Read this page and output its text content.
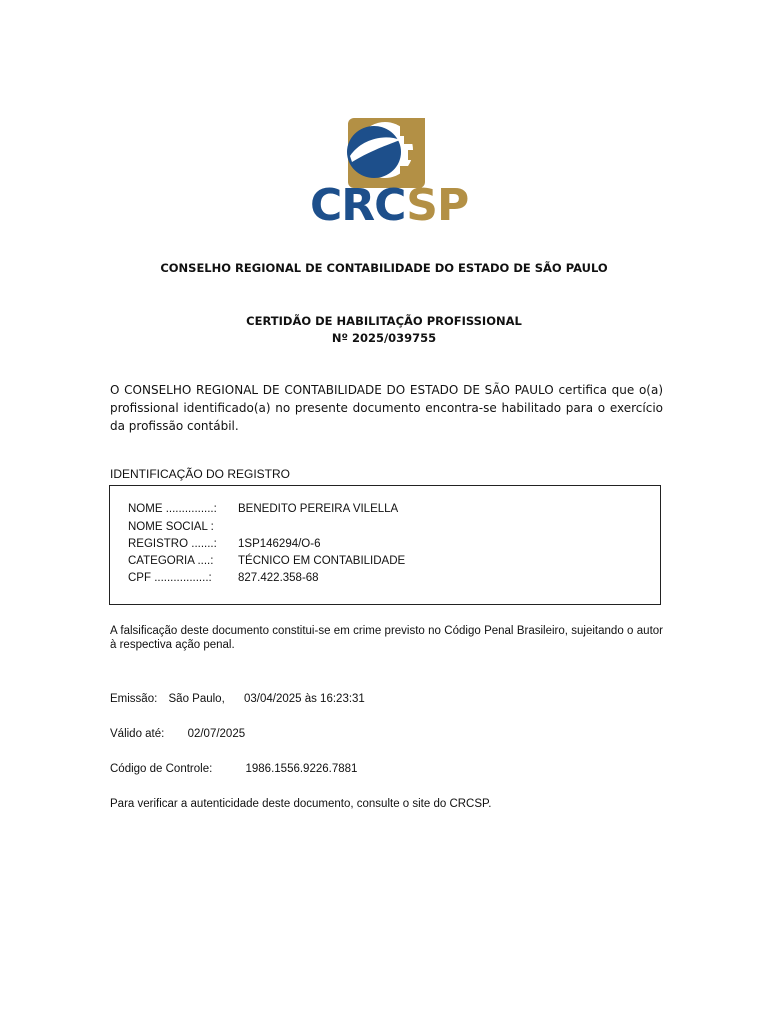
CRCSP
CONSELHO REGIONAL DE CONTABILIDADE DO ESTADO DE SÃO PAULO
CERTIDÃO DE HABILITAÇÃO PROFISSIONAL
Nº 2025/039755
O CONSELHO REGIONAL DE CONTABILIDADE DO ESTADO DE SÃO PAULO certifica que o(a) profissional identificado(a) no presente documento encontra-se habilitado para o exercício da profissão contábil.
IDENTIFICAÇÃO DO REGISTRO
NOME ...............:	BENEDITO PEREIRA VILELLA
NOME SOCIAL :
REGISTRO .......:	1SP146294/O-6
CATEGORIA ....:	TÉCNICO EM CONTABILIDADE
CPF .................:	827.422.358-68
A falsificação deste documento constitui-se em crime previsto no Código Penal Brasileiro, sujeitando o autor à respectiva ação penal.
Emissão: São Paulo, 03/04/2025 às 16:23:31
Válido até: 02/07/2025
Código de Controle:	1986.1556.9226.7881
Para verificar a autenticidade deste documento, consulte o site do CRCSP.
